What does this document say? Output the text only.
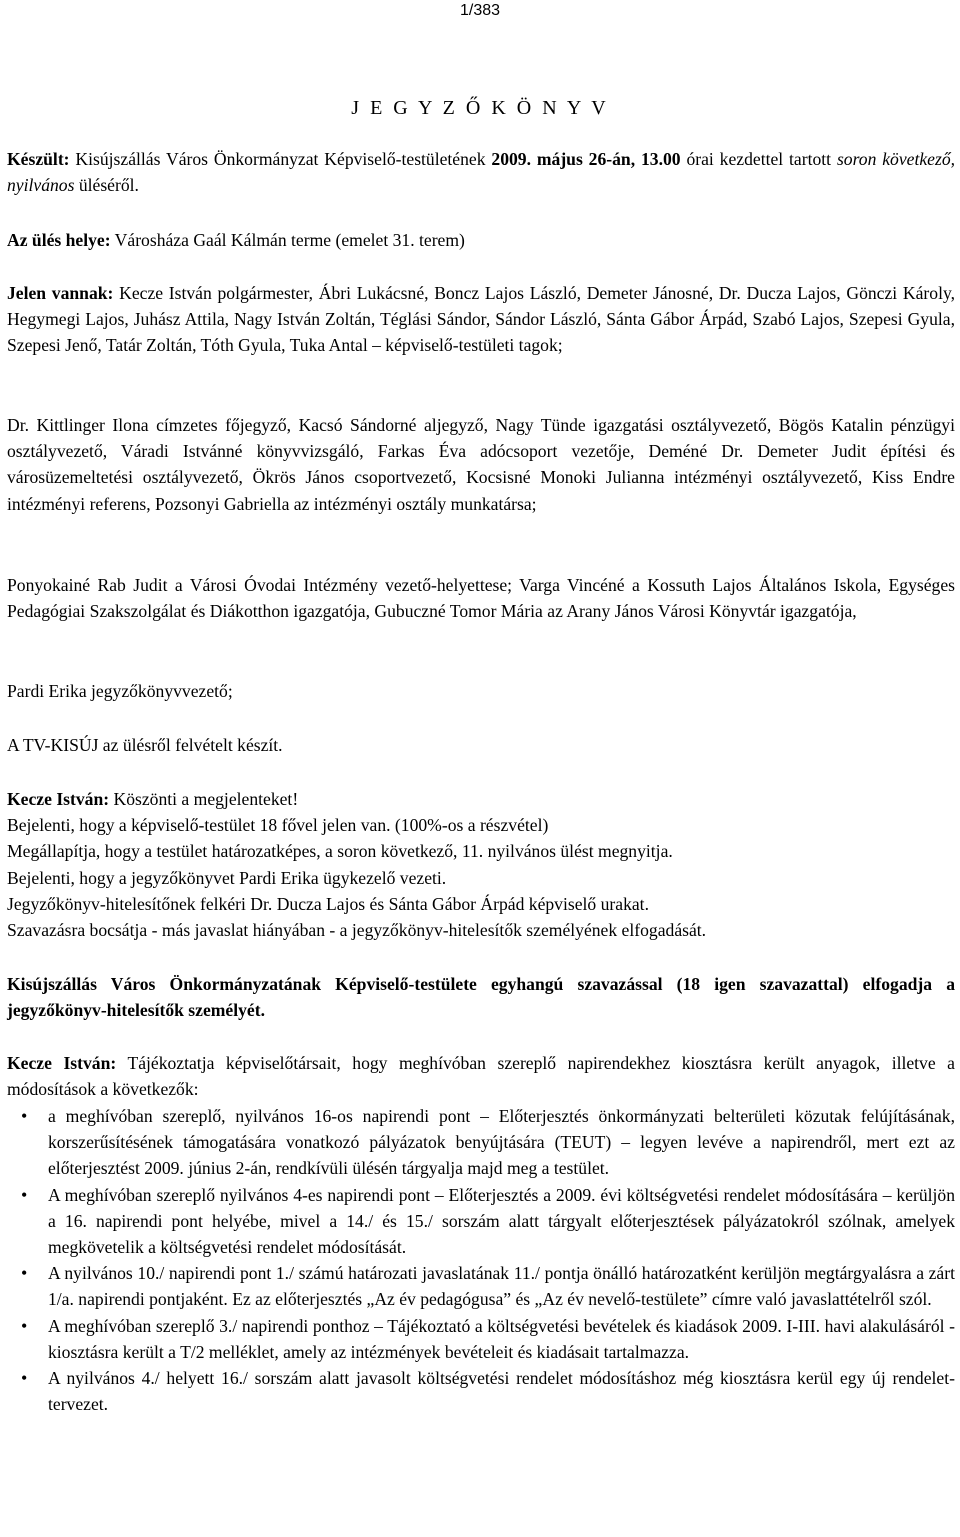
1/383
J E G Y Z Ő K Ö N Y V

Készült: Kisújszállás Város Önkormányzat Képviselő-testületének 2009. május 26-án, 13.00 órai kezdettel tartott soron következő, nyilvános üléséről.

Az ülés helye: Városháza Gaál Kálmán terme (emelet 31. terem)

Jelen vannak: Kecze István polgármester, Ábri Lukácsné, Boncz Lajos László, Demeter Jánosné, Dr. Ducza Lajos, Gönczi Károly, Hegymegi Lajos, Juhász Attila, Nagy István Zoltán, Téglási Sándor, Sándor László, Sánta Gábor Árpád, Szabó Lajos, Szepesi Gyula, Szepesi Jenő, Tatár Zoltán, Tóth Gyula, Tuka Antal – képviselő-testületi tagok;

Dr. Kittlinger Ilona címzetes főjegyző, Kacsó Sándorné aljegyző, Nagy Tünde igazgatási osztályvezető, Bögös Katalin pénzügyi osztályvezető, Váradi Istvánné könyvvizsgáló, Farkas Éva adócsoport vezetője, Deméné Dr. Demeter Judit építési és városüzemeltetési osztályvezető, Ökrös János csoportvezető, Kocsisné Monoki Julianna intézményi osztályvezető, Kiss Endre intézményi referens, Pozsonyi Gabriella az intézményi osztály munkatársa;

Ponyokainé Rab Judit a Városi Óvodai Intézmény vezető-helyettese; Varga Vincéné a Kossuth Lajos Általános Iskola, Egységes Pedagógiai Szakszolgálat és Diákotthon igazgatója, Gubuczné Tomor Mária az Arany János Városi Könyvtár igazgatója,

Pardi Erika jegyzőkönyvvezető;

A TV-KISÚJ az ülésről felvételt készít.

Kecze István: Köszönti a megjelenteket!
Bejelenti, hogy a képviselő-testület 18 fővel jelen van. (100%-os a részvétel)
Megállapítja, hogy a testület határozatképes, a soron következő, 11. nyilvános ülést megnyitja.
Bejelenti, hogy a jegyzőkönyvet Pardi Erika ügykezelő vezeti.
Jegyzőkönyv-hitelesítőnek felkéri Dr. Ducza Lajos és Sánta Gábor Árpád képviselő urakat.
Szavazásra bocsátja - más javaslat hiányában - a jegyzőkönyv-hitelesítők személyének elfogadását.

Kisújszállás Város Önkormányzatának Képviselő-testülete egyhangú szavazással (18 igen szavazattal) elfogadja a jegyzőkönyv-hitelesítők személyét.

Kecze István: Tájékoztatja képviselőtársait, hogy meghívóban szereplő napirendekhez kiosztásra került anyagok, illetve a módosítások a következők:

• a meghívóban szereplő, nyilvános 16-os napirendi pont – Előterjesztés önkormányzati belterületi közutak felújításának, korszerűsítésének támogatására vonatkozó pályázatok benyújtására (TEUT) – legyen levéve a napirendről, mert ezt az előterjesztést 2009. június 2-án, rendkívüli ülésén tárgyalja majd meg a testület.
• A meghívóban szereplő nyilvános 4-es napirendi pont – Előterjesztés a 2009. évi költségvetési rendelet módosítására – kerüljön a 16. napirendi pont helyébe, mivel a 14./ és 15./ sorszám alatt tárgyalt előterjesztések pályázatokról szólnak, amelyek megkövetelik a költségvetési rendelet módosítását.
• A nyilvános 10./ napirendi pont 1./ számú határozati javaslatának 11./ pontja önálló határozatként kerüljön megtárgyalásra a zárt 1/a. napirendi pontjaként. Ez az előterjesztés „Az év pedagógusa” és „Az év nevelő-testülete” címre való javaslattételről szól.
• A meghívóban szereplő 3./ napirendi ponthoz – Tájékoztató a költségvetési bevételek és kiadások 2009. I-III. havi alakulásáról - kiosztásra került a T/2 melléklet, amely az intézmények bevételeit és kiadásait tartalmazza.
• A nyilvános 4./ helyett 16./ sorszám alatt javasolt költségvetési rendelet módosításhoz még kiosztásra kerül egy új rendelet-tervezet.
